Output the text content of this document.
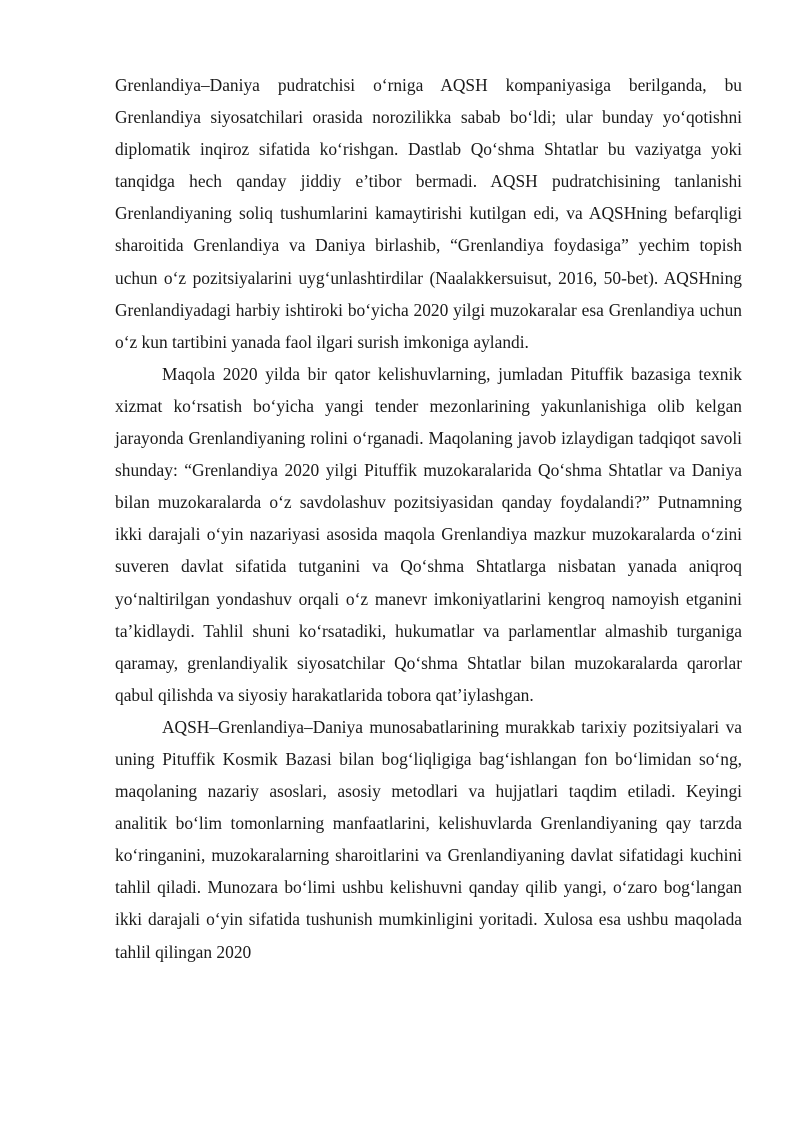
Grenlandiya–Daniya pudratchisi oʻrniga AQSH kompaniyasiga berilganda, bu Grenlandiya siyosatchilari orasida norozilikka sabab boʻldi; ular bunday yoʻqotishni diplomatik inqiroz sifatida koʻrishgan. Dastlab Qoʻshma Shtatlar bu vaziyatga yoki tanqidga hech qanday jiddiy e’tibor bermadi. AQSH pudratchisining tanlanishi Grenlandiyaning soliq tushumlarini kamaytirishi kutilgan edi, va AQSHning befarqligi sharoitida Grenlandiya va Daniya birlashib, “Grenlandiya foydasiga” yechim topish uchun oʻz pozitsiyalarini uygʻunlashtirdilar (Naalakkersuisut, 2016, 50-bet). AQSHning Grenlandiyadagi harbiy ishtiroki boʻyicha 2020 yilgi muzokaralar esa Grenlandiya uchun oʻz kun tartibini yanada faol ilgari surish imkoniga aylandi.

Maqola 2020 yilda bir qator kelishuvlarning, jumladan Pituffik bazasiga texnik xizmat koʻrsatish boʻyicha yangi tender mezonlarining yakunlanishiga olib kelgan jarayonda Grenlandiyaning rolini oʻrganadi. Maqolaning javob izlaydigan tadqiqot savoli shunday: “Grenlandiya 2020 yilgi Pituffik muzokaralarida Qoʻshma Shtatlar va Daniya bilan muzokaralarda oʻz savdolashuv pozitsiyasidan qanday foydalandi?” Putnamning ikki darajali oʻyin nazariyasi asosida maqola Grenlandiya mazkur muzokaralarda oʻzini suveren davlat sifatida tutganini va Qoʻshma Shtatlarga nisbatan yanada aniqroq yoʻnaltirilgan yondashuv orqali oʻz manevr imkoniyatlarini kengroq namoyish etganini ta’kidlaydi. Tahlil shuni koʻrsatadiki, hukumatlar va parlamentlar almashib turganiga qaramay, grenlandiyalik siyosatchilar Qoʻshma Shtatlar bilan muzokaralarda qarorlar qabul qilishda va siyosiy harakatlarida tobora qat’iylashgan.

AQSH–Grenlandiya–Daniya munosabatlarining murakkab tarixiy pozitsiyalari va uning Pituffik Kosmik Bazasi bilan bogʻliqligiga bagʻishlangan fon boʻlimidan soʻng, maqolaning nazariy asoslari, asosiy metodlari va hujjatlari taqdim etiladi. Keyingi analitik boʻlim tomonlarning manfaatlarini, kelishuvlarda Grenlandiyaning qay tarzda koʻringanini, muzokaralarning sharoitlarini va Grenlandiyaning davlat sifatidagi kuchini tahlil qiladi. Munozara boʻlimi ushbu kelishuvni qanday qilib yangi, oʻzaro bogʻlangan ikki darajali oʻyin sifatida tushunish mumkinligini yoritadi. Xulosa esa ushbu maqolada tahlil qilingan 2020
